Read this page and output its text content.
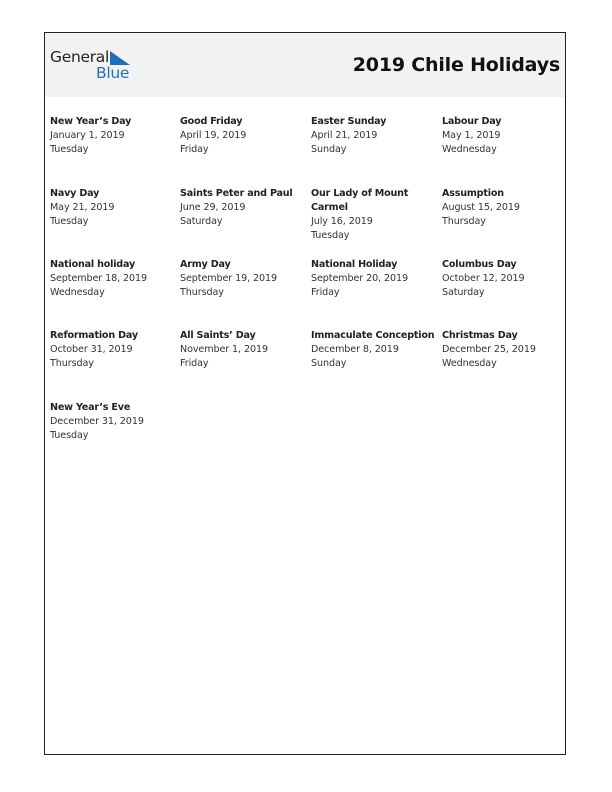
General
Blue	2019 Chile Holidays
New Year’s Day
January 1, 2019
Tuesday
Good Friday
April 19, 2019
Friday
Easter Sunday
April 21, 2019
Sunday
Labour Day
May 1, 2019
Wednesday
Navy Day
May 21, 2019
Tuesday
Saints Peter and Paul
June 29, 2019
Saturday
Our Lady of Mount Carmel
July 16, 2019
Tuesday
Assumption
August 15, 2019
Thursday
National holiday
September 18, 2019
Wednesday
Army Day
September 19, 2019
Thursday
National Holiday
September 20, 2019
Friday
Columbus Day
October 12, 2019
Saturday
Reformation Day
October 31, 2019
Thursday
All Saints’ Day
November 1, 2019
Friday
Immaculate Conception
December 8, 2019
Sunday
Christmas Day
December 25, 2019
Wednesday
New Year’s Eve
December 31, 2019
Tuesday
